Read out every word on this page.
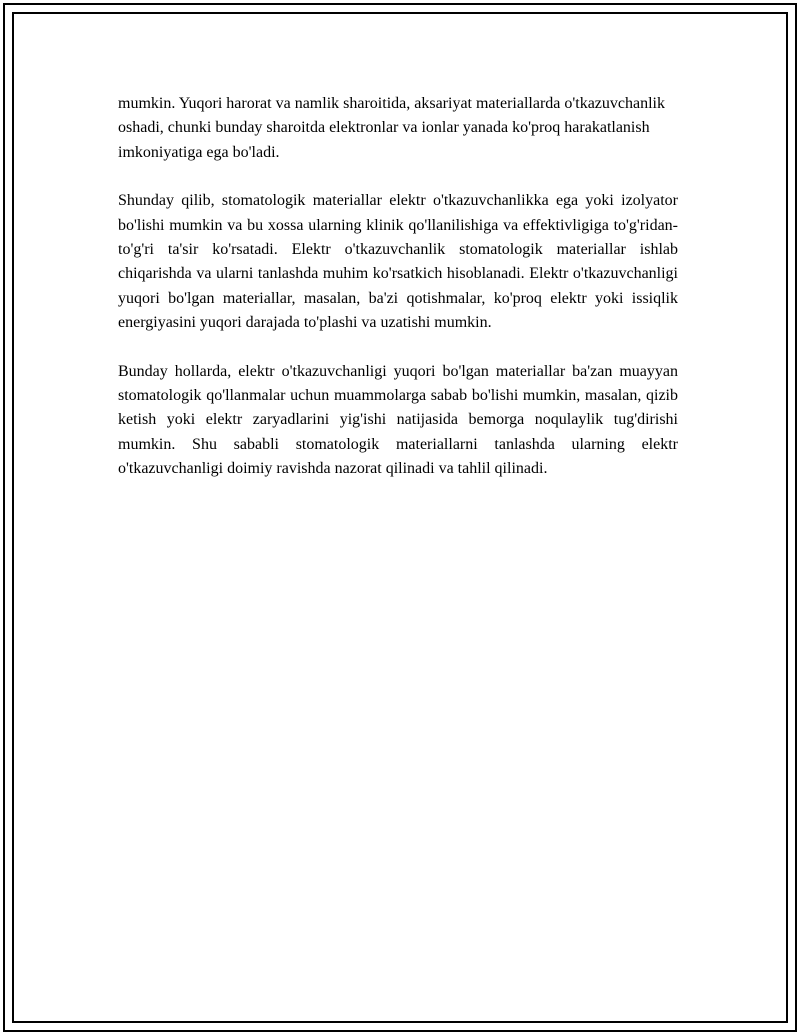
mumkin. Yuqori harorat va namlik sharoitida, aksariyat materiallarda o'tkazuvchanlik oshadi, chunki bunday sharoitda elektronlar va ionlar yanada ko'proq harakatlanish imkoniyatiga ega bo'ladi.

Shunday qilib, stomatologik materiallar elektr o'tkazuvchanlikka ega yoki izolyator bo'lishi mumkin va bu xossa ularning klinik qo'llanilishiga va effektivligiga to'g'ridan-to'g'ri ta'sir ko'rsatadi. Elektr o'tkazuvchanlik stomatologik materiallar ishlab chiqarishda va ularni tanlashda muhim ko'rsatkich hisoblanadi. Elektr o'tkazuvchanligi yuqori bo'lgan materiallar, masalan, ba'zi qotishmalar, ko'proq elektr yoki issiqlik energiyasini yuqori darajada to'plashi va uzatishi mumkin.

Bunday hollarda, elektr o'tkazuvchanligi yuqori bo'lgan materiallar ba'zan muayyan stomatologik qo'llanmalar uchun muammolarga sabab bo'lishi mumkin, masalan, qizib ketish yoki elektr zaryadlarini yig'ishi natijasida bemorga noqulaylik tug'dirishi mumkin. Shu sababli stomatologik materiallarni tanlashda ularning elektr o'tkazuvchanligi doimiy ravishda nazorat qilinadi va tahlil qilinadi.
